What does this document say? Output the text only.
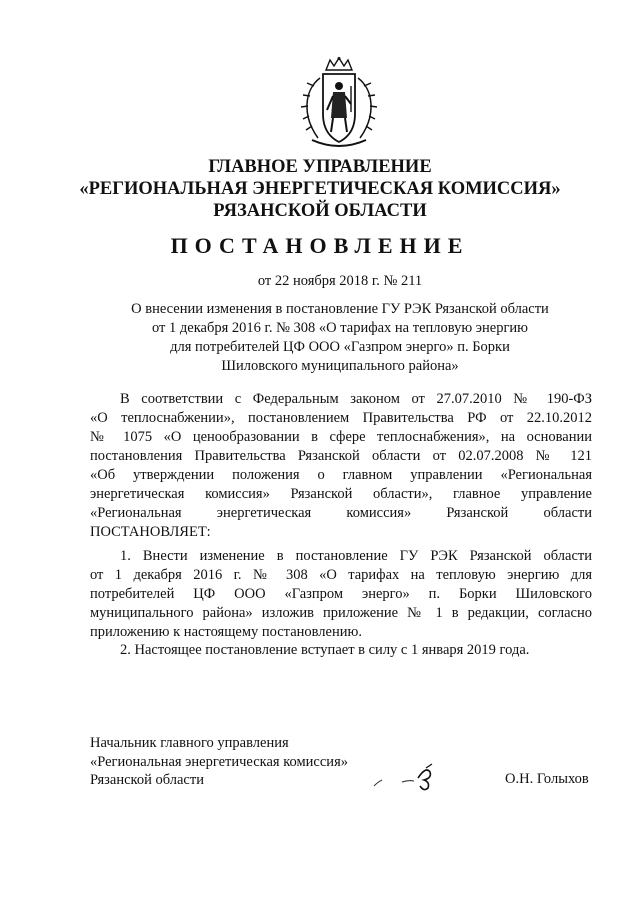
ГЛАВНОЕ УПРАВЛЕНИЕ
«РЕГИОНАЛЬНАЯ ЭНЕРГЕТИЧЕСКАЯ КОМИССИЯ»
РЯЗАНСКОЙ ОБЛАСТИ
ПОСТАНОВЛЕНИЕ
от 22 ноября 2018 г. № 211
О внесении изменения в постановление ГУ РЭК Рязанской области
от 1 декабря 2016 г. № 308 «О тарифах на тепловую энергию
для потребителей ЦФ ООО «Газпром энерго» п. Борки
Шиловского муниципального района»
В соответствии с Федеральным законом от 27.07.2010 № 190-ФЗ
«О теплоснабжении», постановлением Правительства РФ от 22.10.2012
№ 1075 «О ценообразовании в сфере теплоснабжения», на основании
постановления Правительства Рязанской области от 02.07.2008 № 121
«Об утверждении положения о главном управлении «Региональная
энергетическая комиссия» Рязанской области», главное управление
«Региональная энергетическая комиссия» Рязанской области
ПОСТАНОВЛЯЕТ:
1. Внести изменение в постановление ГУ РЭК Рязанской области
от 1 декабря 2016 г. № 308 «О тарифах на тепловую энергию для
потребителей ЦФ ООО «Газпром энерго» п. Борки Шиловского
муниципального района» изложив приложение № 1 в редакции, согласно
приложению к настоящему постановлению.
2. Настоящее постановление вступает в силу с 1 января 2019 года.
Начальник главного управления
«Региональная энергетическая комиссия»
Рязанской области	О.Н. Голыхов
